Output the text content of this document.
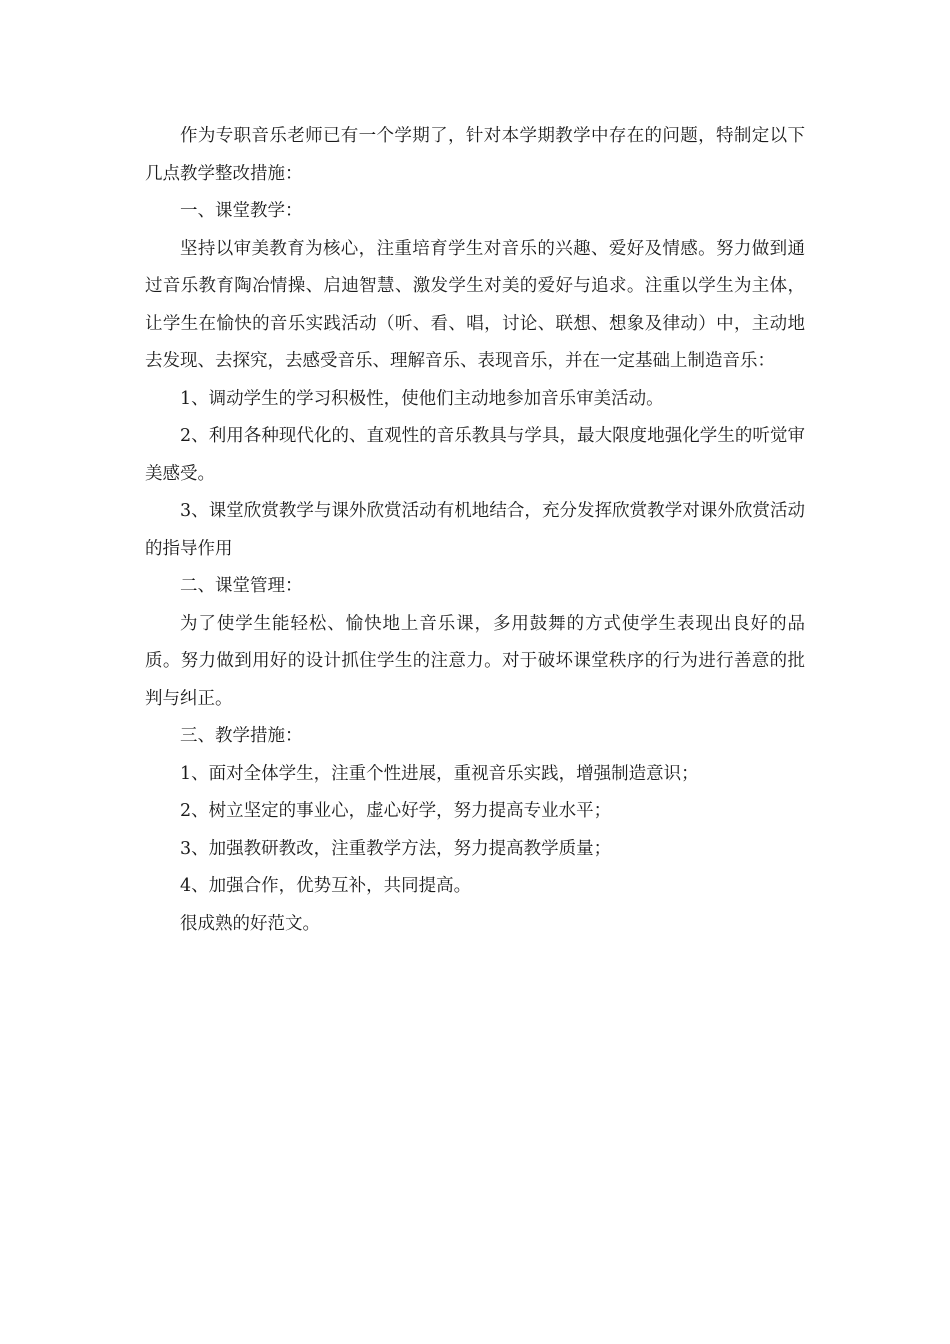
作为专职音乐老师已有一个学期了，针对本学期教学中存在的问题，特制定以下几点教学整改措施：

一、课堂教学：

坚持以审美教育为核心，注重培育学生对音乐的兴趣、爱好及情感。努力做到通过音乐教育陶冶情操、启迪智慧、激发学生对美的爱好与追求。注重以学生为主体，让学生在愉快的音乐实践活动（听、看、唱，讨论、联想、想象及律动）中，主动地去发现、去探究，去感受音乐、理解音乐、表现音乐，并在一定基础上制造音乐：

1、调动学生的学习积极性，使他们主动地参加音乐审美活动。

2、利用各种现代化的、直观性的音乐教具与学具，最大限度地强化学生的听觉审美感受。

3、课堂欣赏教学与课外欣赏活动有机地结合，充分发挥欣赏教学对课外欣赏活动的指导作用

二、课堂管理：

为了使学生能轻松、愉快地上音乐课，多用鼓舞的方式使学生表现出良好的品质。努力做到用好的设计抓住学生的注意力。对于破坏课堂秩序的行为进行善意的批判与纠正。

三、教学措施：

1、面对全体学生，注重个性进展，重视音乐实践，增强制造意识；

2、树立坚定的事业心，虚心好学，努力提高专业水平；

3、加强教研教改，注重教学方法，努力提高教学质量；

4、加强合作，优势互补，共同提高。

很成熟的好范文。
